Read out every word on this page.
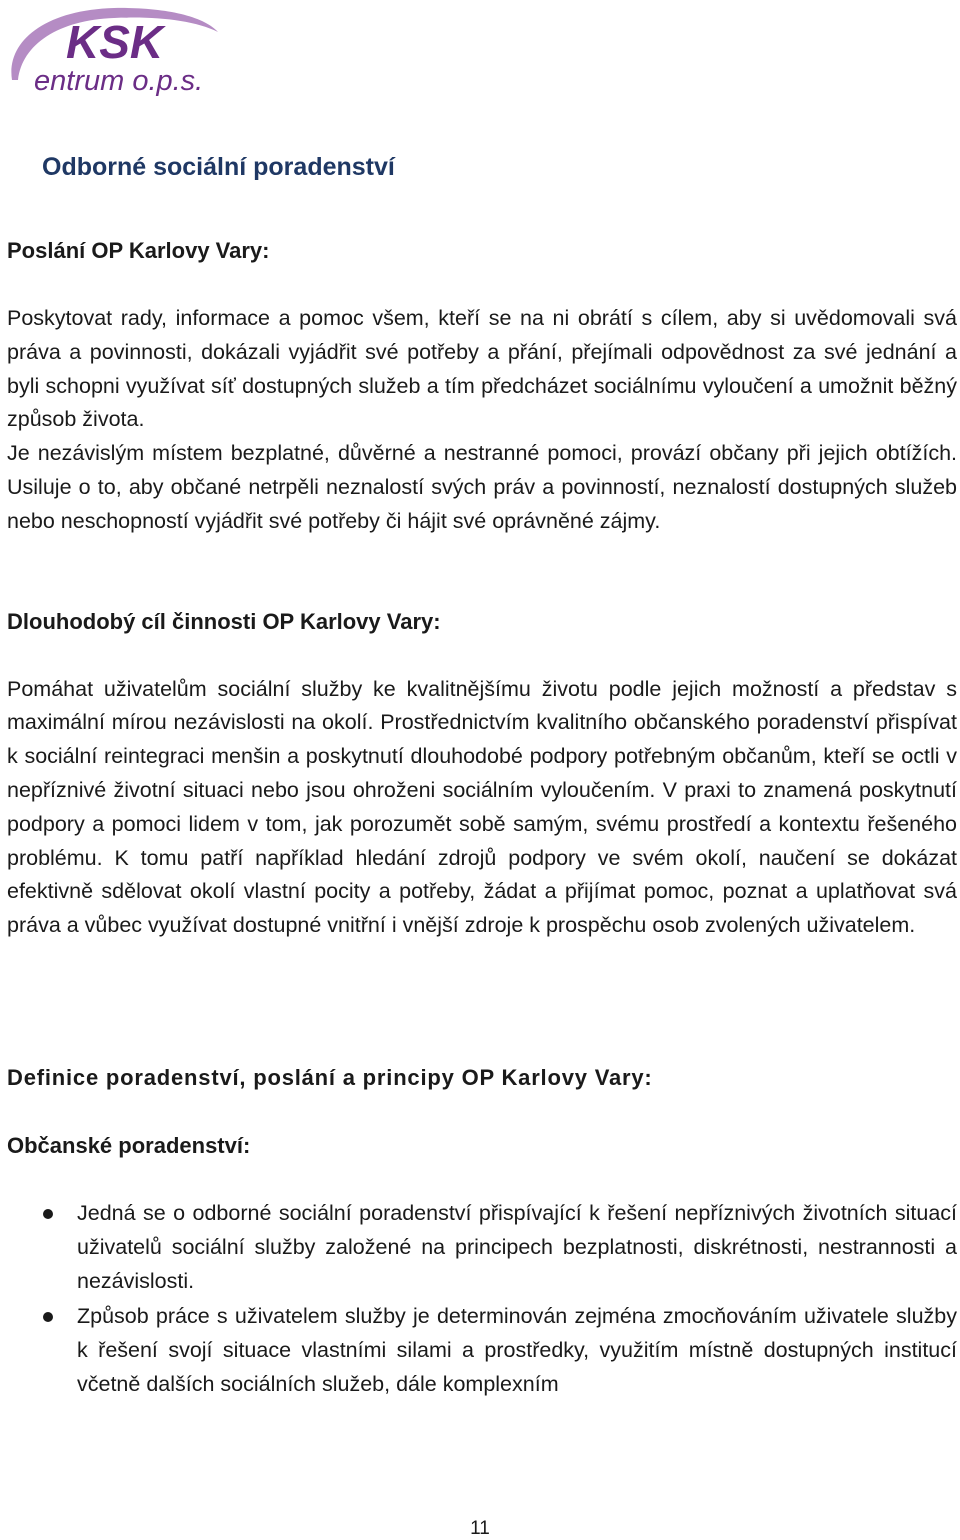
KSK
entrum o.p.s.
Odborné sociální poradenství
Poslání OP Karlovy Vary:

Poskytovat rady, informace a pomoc všem, kteří se na ni obrátí s cílem, aby si uvědomovali svá práva a povinnosti, dokázali vyjádřit své potřeby a přání, přejímali odpovědnost za své jednání a byli schopni využívat síť dostupných služeb a tím předcházet sociálnímu vyloučení a umožnit běžný způsob života.

Je nezávislým místem bezplatné, důvěrné a nestranné pomoci, provází občany při jejich obtížích. Usiluje o to, aby občané netrpěli neznalostí svých práv a povinností, neznalostí dostupných služeb nebo neschopností vyjádřit své potřeby či hájit své oprávněné zájmy.

Dlouhodobý cíl činnosti OP Karlovy Vary:

Pomáhat uživatelům sociální služby ke kvalitnějšímu životu podle jejich možností a představ s maximální mírou nezávislosti na okolí. Prostřednictvím kvalitního občanského poradenství přispívat k sociální reintegraci menšin a poskytnutí dlouhodobé podpory potřebným občanům, kteří se octli v nepříznivé životní situaci nebo jsou ohroženi sociálním vyloučením. V praxi to znamená poskytnutí podpory a pomoci lidem v tom, jak porozumět sobě samým, svému prostředí a kontextu řešeného problému. K tomu patří například hledání zdrojů podpory ve svém okolí, naučení se dokázat efektivně sdělovat okolí vlastní pocity a potřeby, žádat a přijímat pomoc, poznat a uplatňovat svá práva a vůbec využívat dostupné vnitřní i vnější zdroje k prospěchu osob zvolených uživatelem.

Definice poradenství, poslání a principy OP Karlovy Vary:
Občanské poradenství:
Jedná se o odborné sociální poradenství přispívající k řešení nepříznivých životních situací uživatelů sociální služby založené na principech bezplatnosti, diskrétnosti, nestrannosti a nezávislosti.
Způsob práce s uživatelem služby je determinován zejména zmocňováním uživatele služby k řešení svojí situace vlastními silami a prostředky, využitím místně dostupných institucí včetně dalších sociálních služeb, dále komplexním
11
